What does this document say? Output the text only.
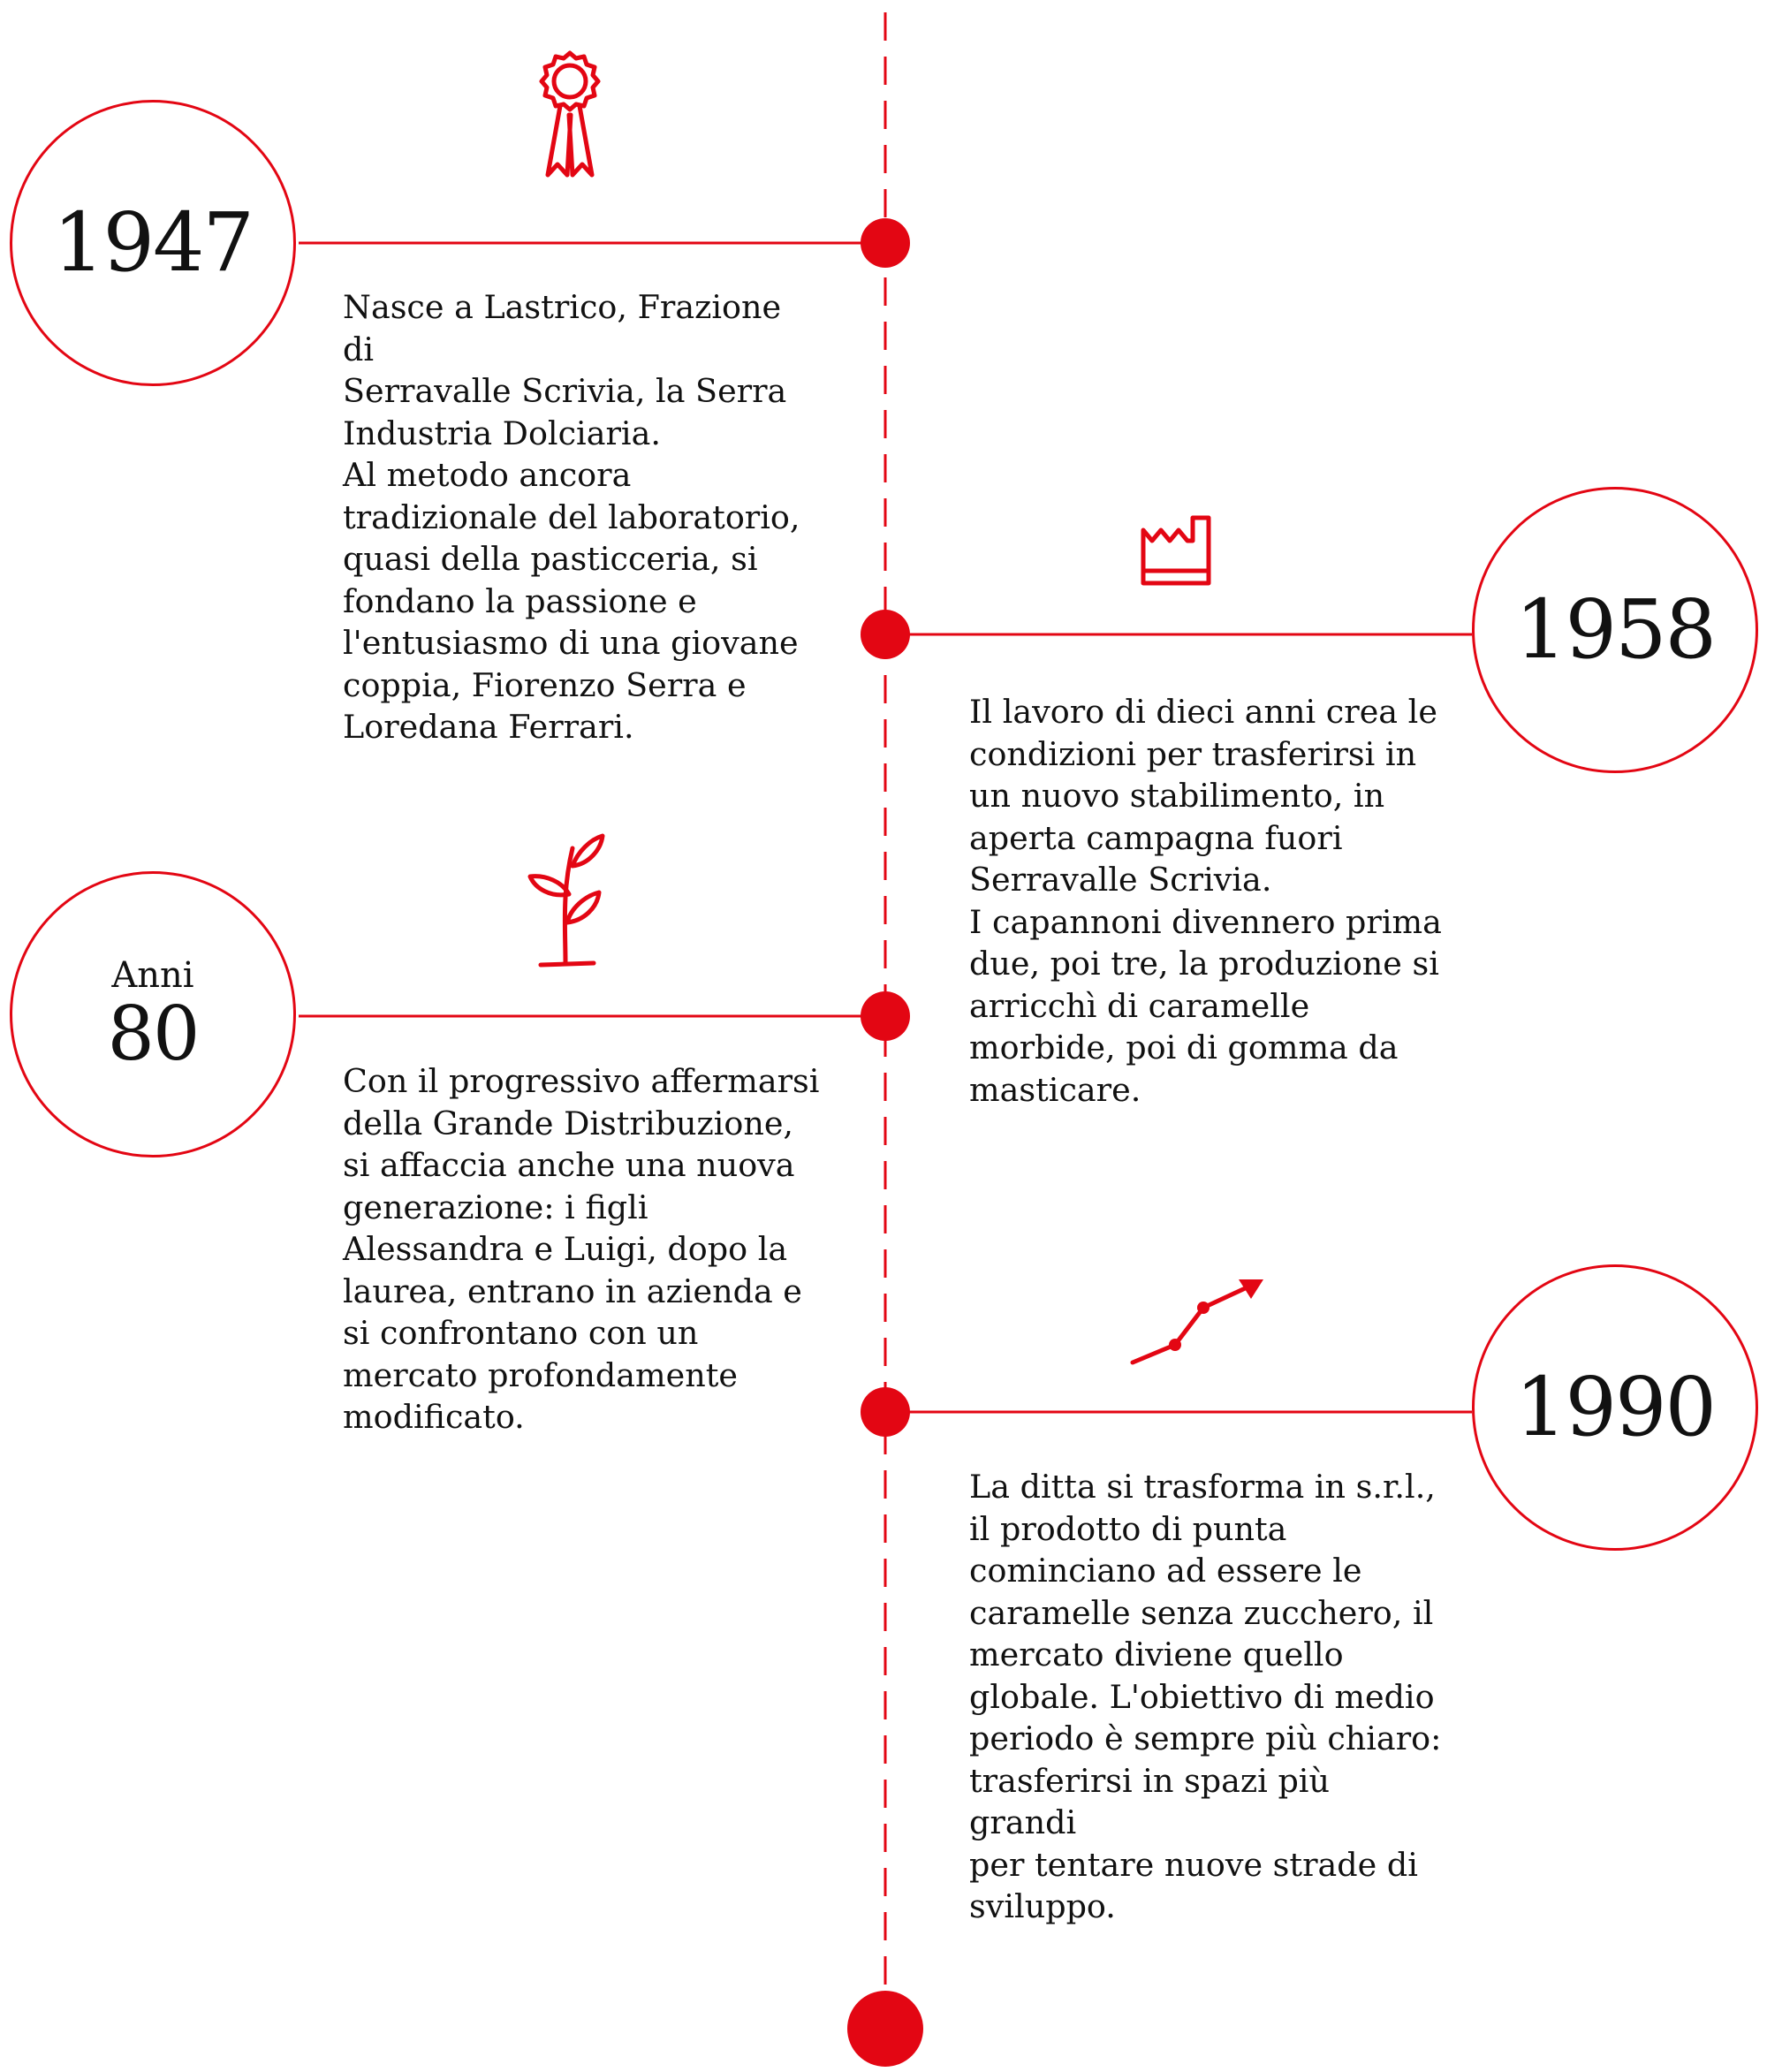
1947

Nasce a Lastrico, Frazione di
Serravalle Scrivia, la Serra
Industria Dolciaria.
Al metodo ancora
tradizionale del laboratorio,
quasi della pasticceria, si
fondano la passione e
l'entusiasmo di una giovane
coppia, Fiorenzo Serra e
Loredana Ferrari.

1958

Il lavoro di dieci anni crea le
condizioni per trasferirsi in
un nuovo stabilimento, in
aperta campagna fuori
Serravalle Scrivia.
I capannoni divennero prima
due, poi tre, la produzione si
arricchì di caramelle
morbide, poi di gomma da
masticare.

Anni
80

Con il progressivo affermarsi
della Grande Distribuzione,
si affaccia anche una nuova
generazione: i figli
Alessandra e Luigi, dopo la
laurea, entrano in azienda e
si confrontano con un
mercato profondamente
modificato.	1990

La ditta si trasforma in s.r.l.,
il prodotto di punta
cominciano ad essere le
caramelle senza zucchero, il
mercato diviene quello
globale. L'obiettivo di medio
periodo è sempre più chiaro:
trasferirsi in spazi più grandi
per tentare nuove strade di
sviluppo.
